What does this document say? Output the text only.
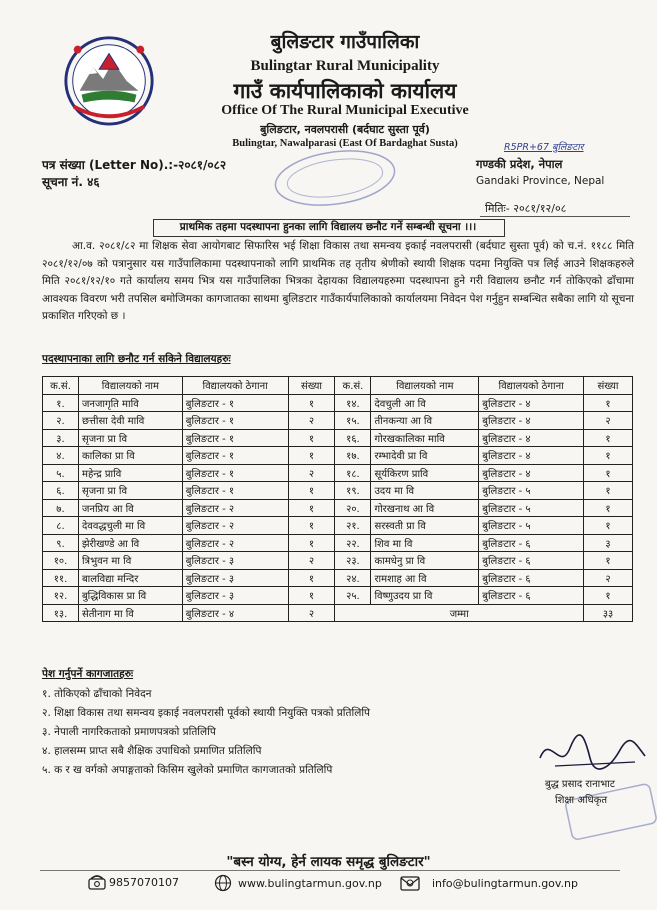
बुलिङटार गाउँपालिका
Bulingtar Rural Municipality
गाउँ कार्यपालिकाको कार्यालय
Office Of The Rural Municipal Executive
बुलिङटार, नवलपरासी (बर्दघाट सुस्ता पूर्व)
Bulingtar, Nawalparasi (East Of Bardaghat Susta)	R5PR+67 बुलिङटार
पत्र संख्या (Letter No).:-२०८१/०८२
सूचना नं. ४६
गण्डकी प्रदेश, नेपाल
Gandaki Province, Nepal
मितिः- २०८१/१२/०८
प्राथमिक तहमा पदस्थापना हुनका लागि विद्यालय छनौट गर्ने सम्बन्धी सूचना ।।।
आ.व. २०८१/८२ मा शिक्षक सेवा आयोगबाट सिफारिस भई शिक्षा विकास तथा समन्वय इकाई नवलपरासी (बर्दघाट सुस्ता पूर्व) को च.नं. ११८८ मिति २०८१/१२/०७ को पत्रानुसार यस गाउँपालिकामा पदस्थापनाको लागि प्राथमिक तह तृतीय श्रेणीको स्थायी शिक्षक पदमा नियुक्ति पत्र लिई आउने शिक्षकहरुले मिति २०८१/१२/१० गते कार्यालय समय भित्र यस गाउँपालिका भित्रका देहायका विद्यालयहरुमा पदस्थापना हुने गरी विद्यालय छनौट गर्न तोकिएको ढाँचामा आवश्यक विवरण भरी तपसिल बमोजिमका कागजातका साथमा बुलिङटार गाउँकार्यपालिकाको कार्यालयमा निवेदन पेश गर्नुहुन सम्बन्धित सबैका लागि यो सूचना प्रकाशित गरिएको छ ।
पदस्थापनाका लागि छनौट गर्न सकिने विद्यालयहरुः
क.सं.	विद्यालयको नाम	विद्यालयको ठेगाना	संख्या	क.सं.	विद्यालयको नाम	विद्यालयको ठेगाना	संख्या
१.	जनजागृति मावि	बुलिङटार - १	१	१४.	देवचुली आ वि	बुलिङटार - ४	१
२.	छत्तीसा देवी मावि	बुलिङटार - १	२	१५.	तीनकन्या आ वि	बुलिङटार - ४	२
३.	सृजना प्रा वि	बुलिङटार - १	१	१६.	गोरखकालिका मावि	बुलिङटार - ४	१
४.	कालिका प्रा वि	बुलिङटार - १	१	१७.	रम्भादेवी प्रा वि	बुलिङटार - ४	१
५.	महेन्द्र प्रावि	बुलिङटार - १	२	१८.	सूर्यकिरण प्रावि	बुलिङटार - ४	१
६.	सृजना प्रा वि	बुलिङटार - १	१	१९.	उदय मा वि	बुलिङटार - ५	१
७.	जनप्रिय आ वि	बुलिङटार - २	१	२०.	गोरखनाथ आ वि	बुलिङटार - ५	१
८.	देववद्धचुली मा वि	बुलिङटार - २	१	२१.	सरस्वती प्रा वि	बुलिङटार - ५	१
९.	झेरीखण्डे आ वि	बुलिङटार - २	१	२२.	शिव मा वि	बुलिङटार - ६	३
१०.	त्रिभुवन मा वि	बुलिङटार - ३	२	२३.	कामधेनु प्रा वि	बुलिङटार - ६	१
११.	बालविद्या मन्दिर	बुलिङटार - ३	१	२४.	रामशाह आ वि	बुलिङटार - ६	२
१२.	बुद्धिविकास प्रा वि	बुलिङटार - ३	१	२५.	विष्णुउदय प्रा वि	बुलिङटार - ६	१
१३.	सेतीनाग मा वि	बुलिङटार - ४	२	जम्मा			३३
पेश गर्नुपर्ने कागजातहरुः
१. तोकिएको ढाँचाको निवेदन
२. शिक्षा विकास तथा समन्वय इकाई नवलपरासी पूर्वको स्थायी नियुक्ति पत्रको प्रतिलिपि
३. नेपाली नागरिकताको प्रमाणपत्रको प्रतिलिपि
४. हालसम्म प्राप्त सबै शैक्षिक उपाधिको प्रमाणित प्रतिलिपि
५. क र ख वर्गको अपाङ्गताको किसिम खुलेको प्रमाणित कागजातको प्रतिलिपि
बुद्ध प्रसाद रानाभाट
शिक्षा अधिकृत
"बस्न योग्य, हेर्न लायक समृद्ध बुलिङटार"
9857070107	www.bulingtarmun.gov.np	info@bulingtarmun.gov.np
